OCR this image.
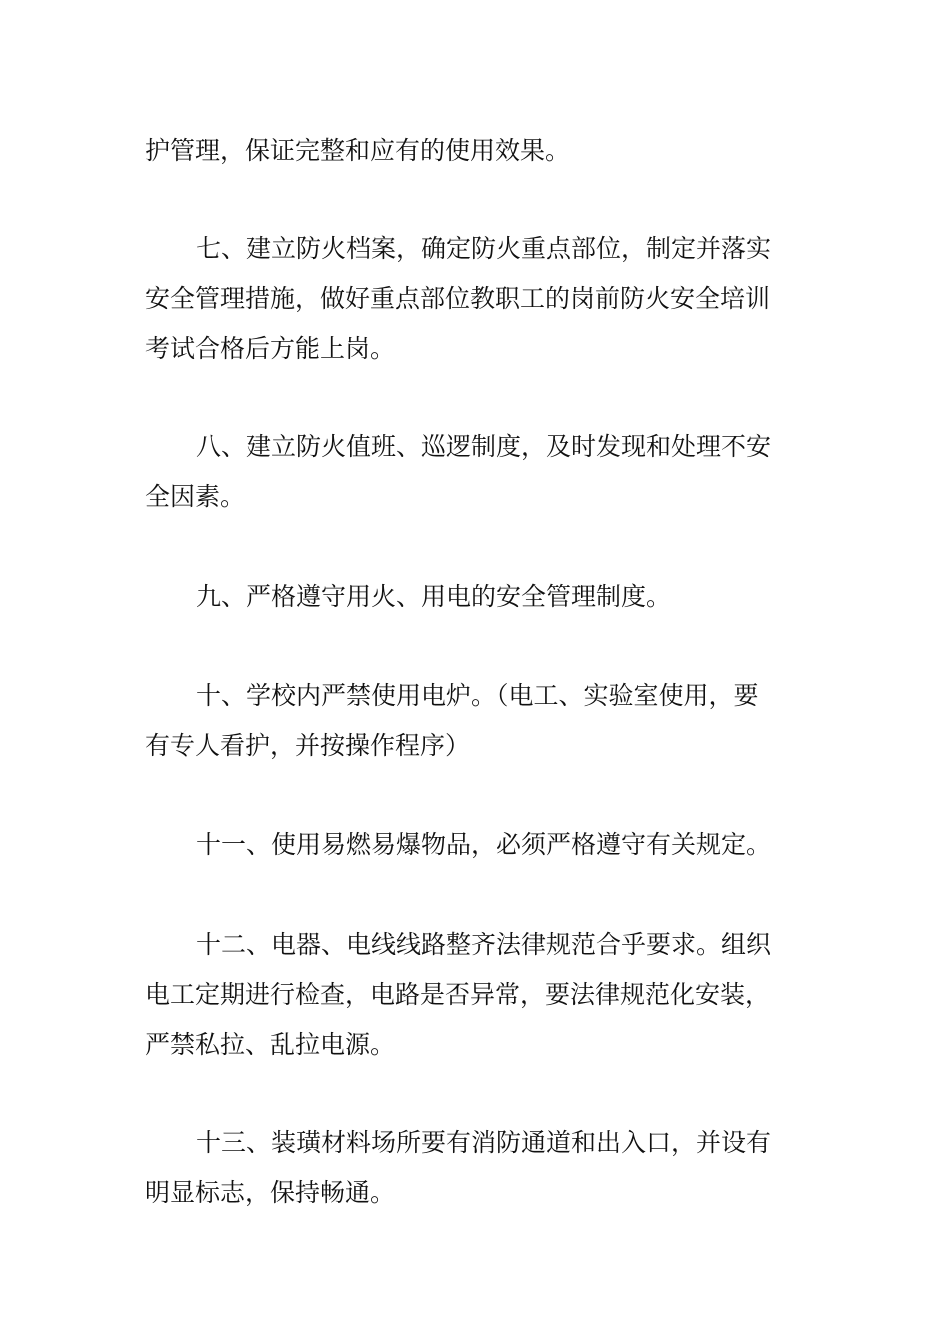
护管理，保证完整和应有的使用效果。

七、建立防火档案，确定防火重点部位，制定并落实

安全管理措施，做好重点部位教职工的岗前防火安全培训

考试合格后方能上岗。

八、建立防火值班、巡逻制度，及时发现和处理不安

全因素。

九、严格遵守用火、用电的安全管理制度。

十、学校内严禁使用电炉。（电工、实验室使用，要

有专人看护，并按操作程序）

十一、使用易燃易爆物品，必须严格遵守有关规定。

十二、电器、电线线路整齐法律规范合乎要求。组织

电工定期进行检查，电路是否异常，要法律规范化安装，

严禁私拉、乱拉电源。

十三、装璜材料场所要有消防通道和出入口，并设有

明显标志，保持畅通。
